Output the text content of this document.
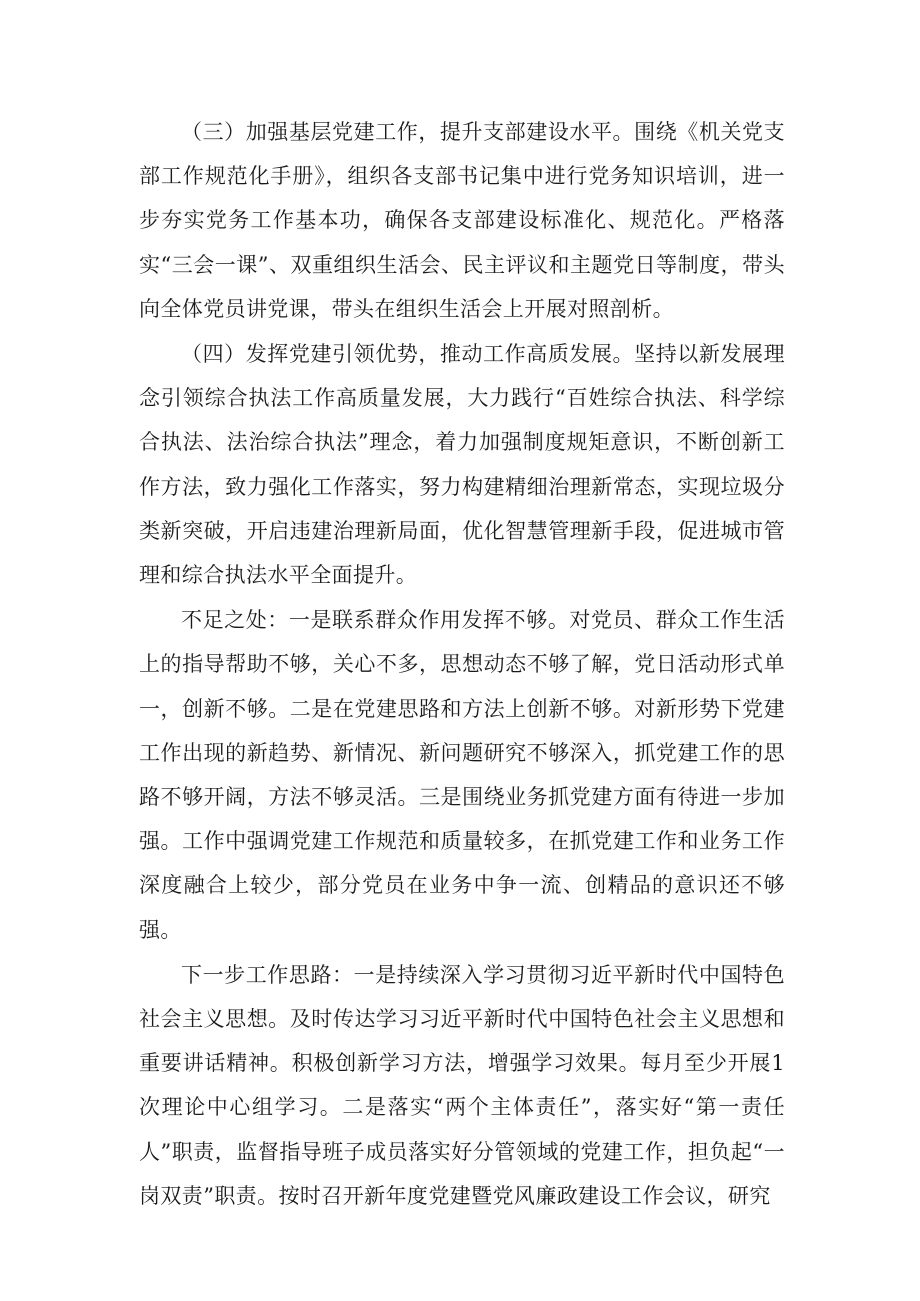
（三）加强基层党建工作，提升支部建设水平。围绕《机关党支部工作规范化手册》，组织各支部书记集中进行党务知识培训，进一步夯实党务工作基本功，确保各支部建设标准化、规范化。严格落实“三会一课”、双重组织生活会、民主评议和主题党日等制度，带头向全体党员讲党课，带头在组织生活会上开展对照剖析。

（四）发挥党建引领优势，推动工作高质发展。坚持以新发展理念引领综合执法工作高质量发展，大力践行“百姓综合执法、科学综合执法、法治综合执法”理念，着力加强制度规矩意识，不断创新工作方法，致力强化工作落实，努力构建精细治理新常态，实现垃圾分类新突破，开启违建治理新局面，优化智慧管理新手段，促进城市管理和综合执法水平全面提升。

不足之处：一是联系群众作用发挥不够。对党员、群众工作生活上的指导帮助不够，关心不多，思想动态不够了解，党日活动形式单一，创新不够。二是在党建思路和方法上创新不够。对新形势下党建工作出现的新趋势、新情况、新问题研究不够深入，抓党建工作的思路不够开阔，方法不够灵活。三是围绕业务抓党建方面有待进一步加强。工作中强调党建工作规范和质量较多，在抓党建工作和业务工作深度融合上较少，部分党员在业务中争一流、创精品的意识还不够强。

下一步工作思路：一是持续深入学习贯彻习近平新时代中国特色社会主义思想。及时传达学习习近平新时代中国特色社会主义思想和重要讲话精神。积极创新学习方法，增强学习效果。每月至少开展1次理论中心组学习。二是落实“两个主体责任”，落实好“第一责任人”职责，监督指导班子成员落实好分管领域的党建工作，担负起“一岗双责”职责。按时召开新年度党建暨党风廉政建设工作会议，研究
